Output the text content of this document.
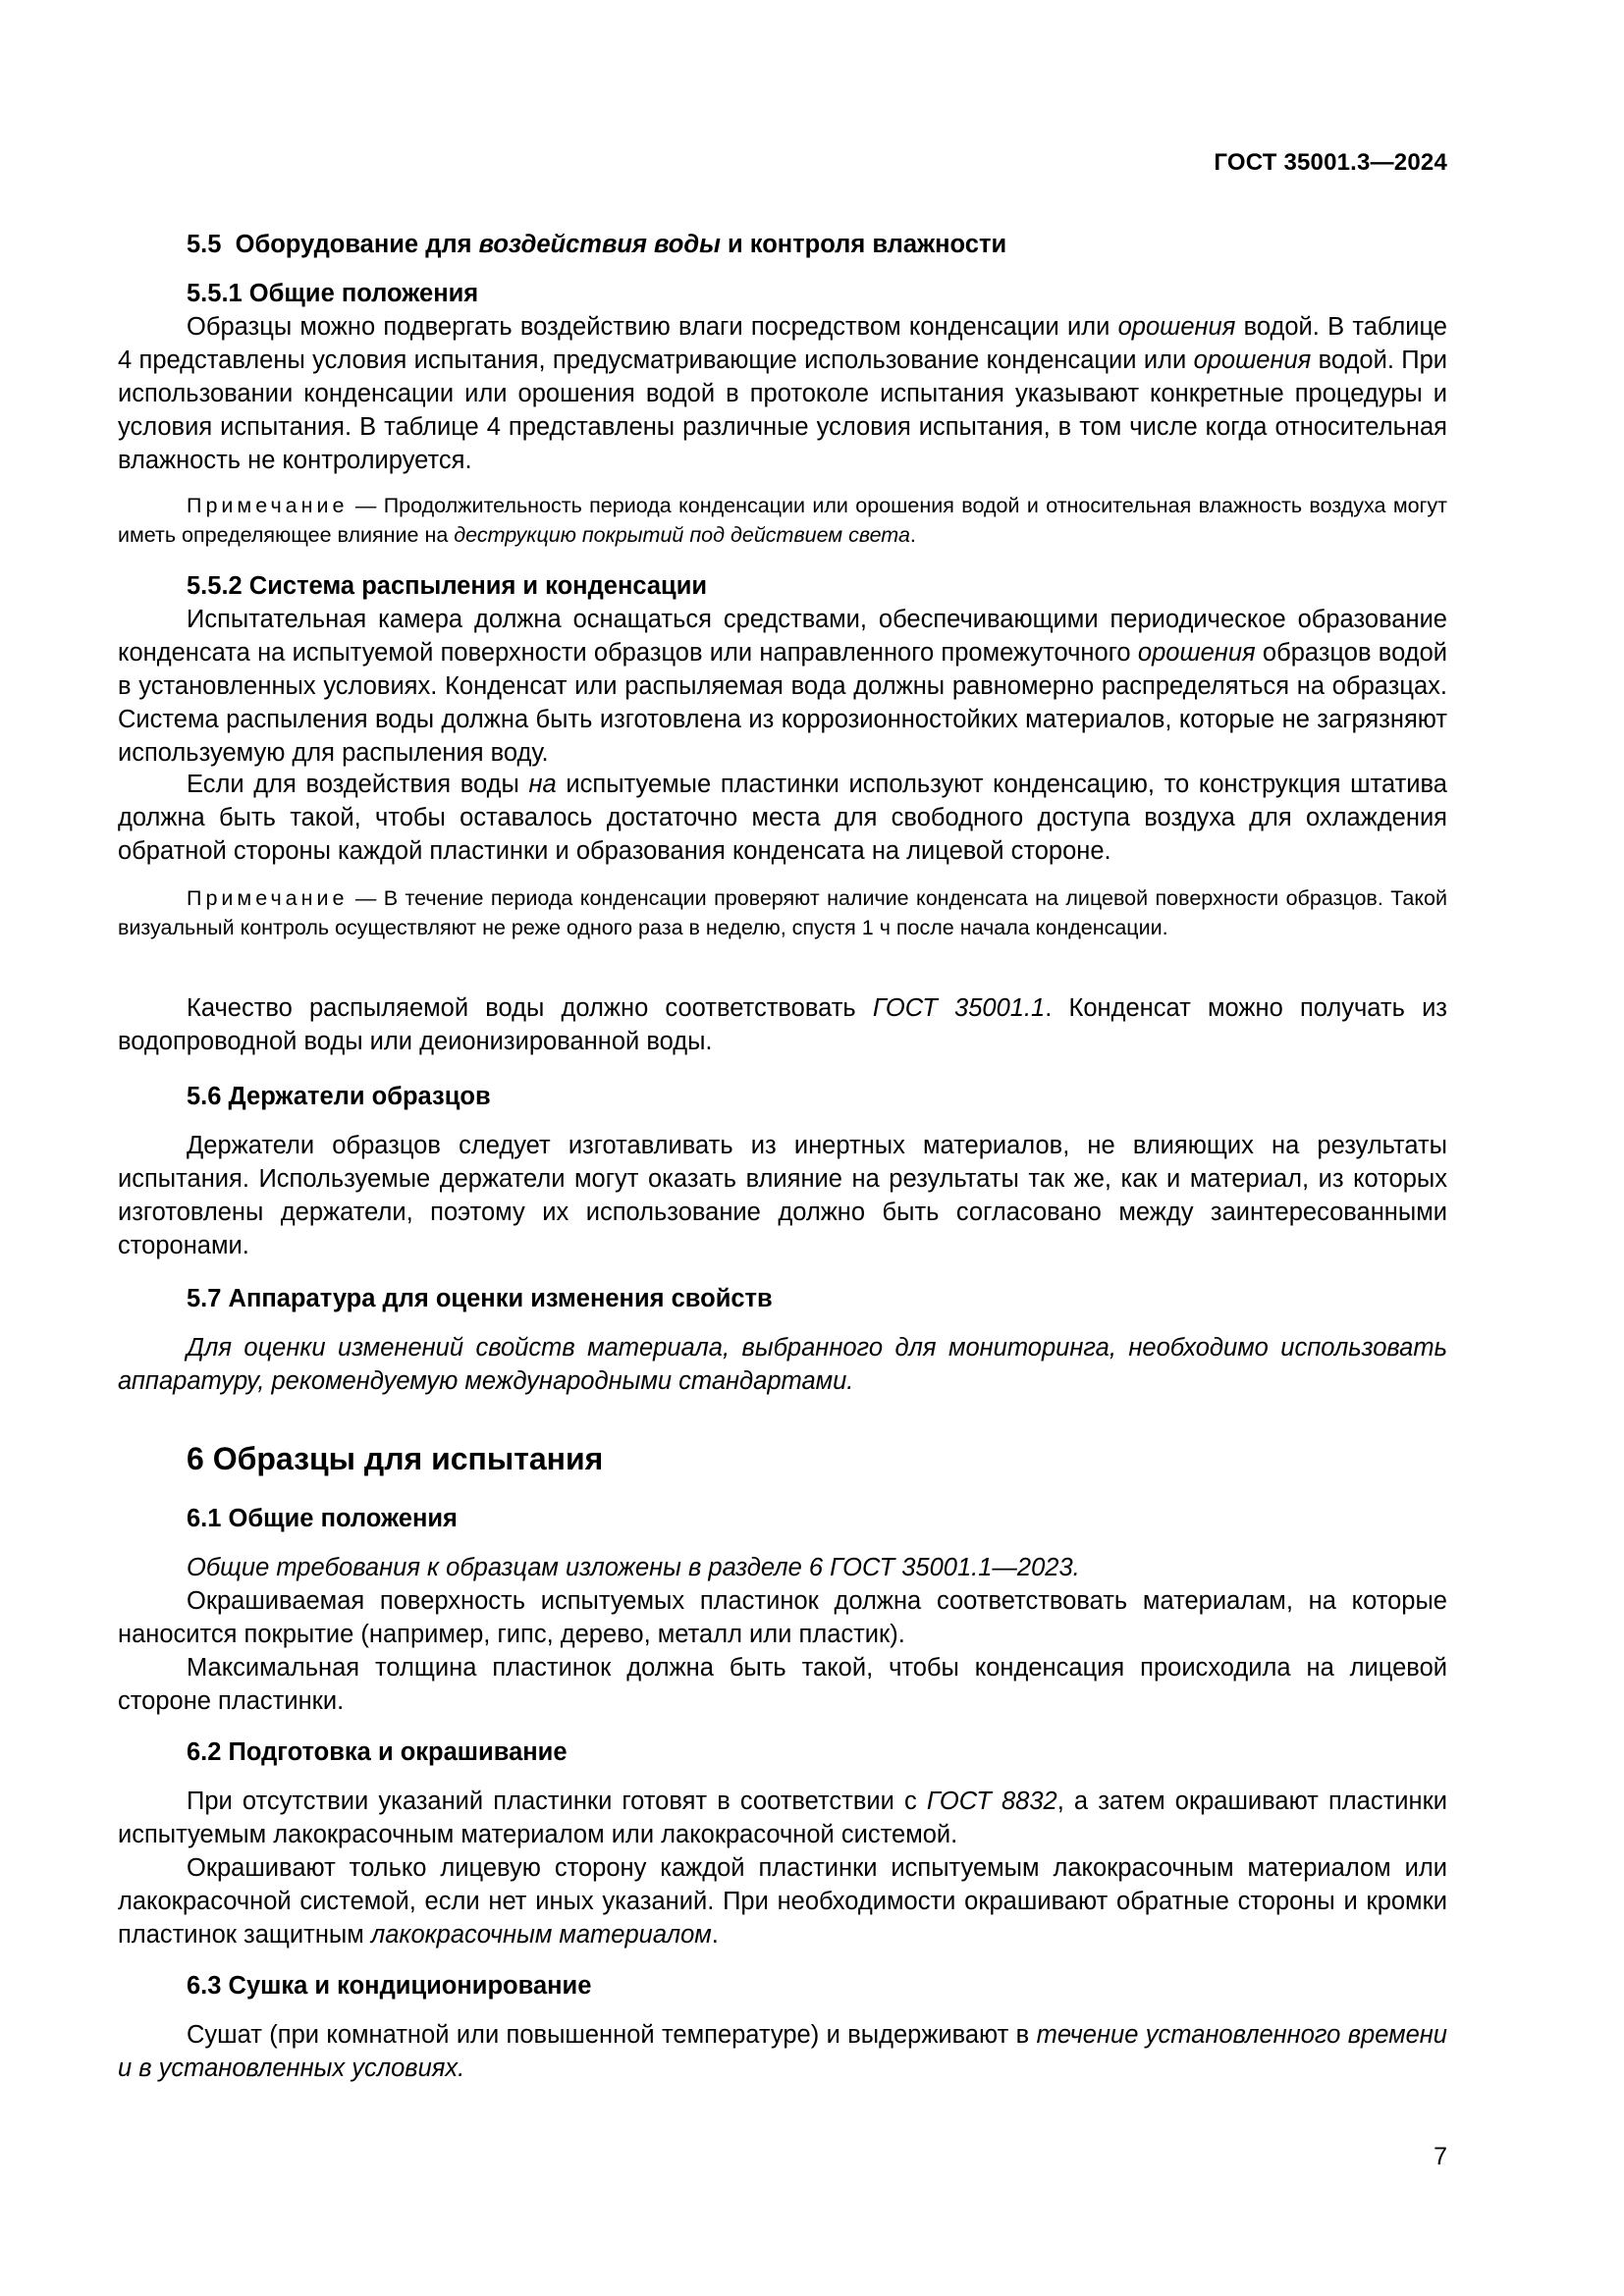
ГОСТ 35001.3—2024
5.5 Оборудование для воздействия воды и контроля влажности
5.5.1 Общие положения

Образцы можно подвергать воздействию влаги посредством конденсации или орошения водой. В таблице 4 представлены условия испытания, предусматривающие использование конденсации или орошения водой. При использовании конденсации или орошения водой в протоколе испытания указывают конкретные процедуры и условия испытания. В таблице 4 представлены различные условия испытания, в том числе когда относительная влажность не контролируется.

Примечание — Продолжительность периода конденсации или орошения водой и относительная влажность воздуха могут иметь определяющее влияние на деструкцию покрытий под действием света.

5.5.2 Система распыления и конденсации

Испытательная камера должна оснащаться средствами, обеспечивающими периодическое образование конденсата на испытуемой поверхности образцов или направленного промежуточного орошения образцов водой в установленных условиях. Конденсат или распыляемая вода должны равномерно распределяться на образцах. Система распыления воды должна быть изготовлена из коррозионностойких материалов, которые не загрязняют используемую для распыления воду.

Если для воздействия воды на испытуемые пластинки используют конденсацию, то конструкция штатива должна быть такой, чтобы оставалось достаточно места для свободного доступа воздуха для охлаждения обратной стороны каждой пластинки и образования конденсата на лицевой стороне.

Примечание — В течение периода конденсации проверяют наличие конденсата на лицевой поверхности образцов. Такой визуальный контроль осуществляют не реже одного раза в неделю, спустя 1 ч после начала конденсации.

Качество распыляемой воды должно соответствовать ГОСТ 35001.1. Конденсат можно получать из водопроводной воды или деионизированной воды.

5.6 Держатели образцов

Держатели образцов следует изготавливать из инертных материалов, не влияющих на результаты испытания. Используемые держатели могут оказать влияние на результаты так же, как и материал, из которых изготовлены держатели, поэтому их использование должно быть согласовано между заинтересованными сторонами.

5.7 Аппаратура для оценки изменения свойств

Для оценки изменений свойств материала, выбранного для мониторинга, необходимо использовать аппаратуру, рекомендуемую международными стандартами.

6 Образцы для испытания
6.1 Общие положения

Общие требования к образцам изложены в разделе 6 ГОСТ 35001.1—2023.

Окрашиваемая поверхность испытуемых пластинок должна соответствовать материалам, на которые наносится покрытие (например, гипс, дерево, металл или пластик).

Максимальная толщина пластинок должна быть такой, чтобы конденсация происходила на лицевой стороне пластинки.

6.2 Подготовка и окрашивание

При отсутствии указаний пластинки готовят в соответствии с ГОСТ 8832, а затем окрашивают пластинки испытуемым лакокрасочным материалом или лакокрасочной системой.

Окрашивают только лицевую сторону каждой пластинки испытуемым лакокрасочным материалом или лакокрасочной системой, если нет иных указаний. При необходимости окрашивают обратные стороны и кромки пластинок защитным лакокрасочным материалом.

6.3 Сушка и кондиционирование

Сушат (при комнатной или повышенной температуре) и выдерживают в течение установленного времени и в установленных условиях.

7
